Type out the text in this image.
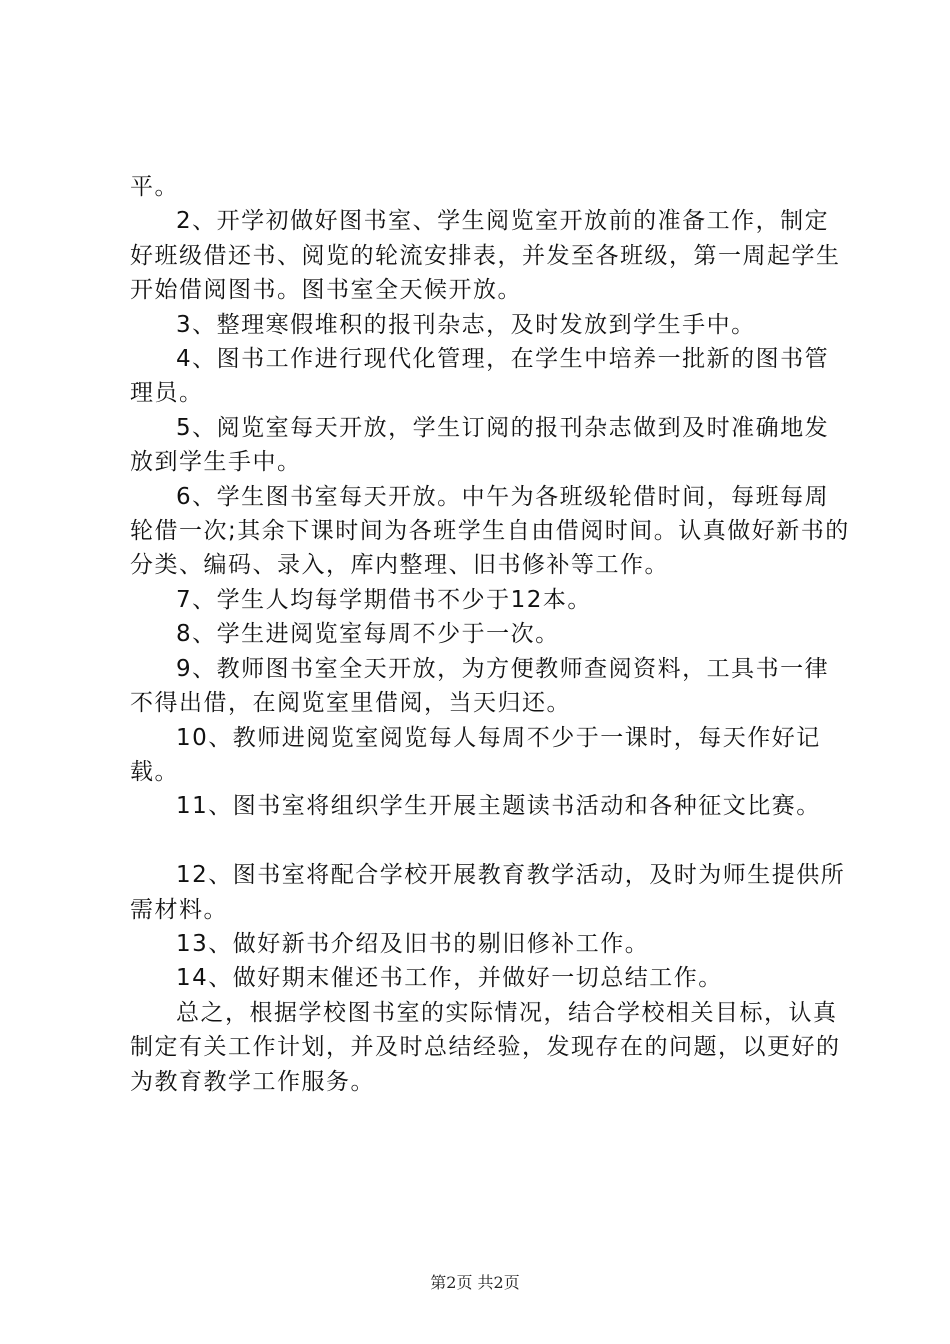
平。

2、开学初做好图书室、学生阅览室开放前的准备工作，制定好班级借还书、阅览的轮流安排表，并发至各班级，第一周起学生开始借阅图书。图书室全天候开放。

3、整理寒假堆积的报刊杂志，及时发放到学生手中。

4、图书工作进行现代化管理，在学生中培养一批新的图书管理员。

5、阅览室每天开放，学生订阅的报刊杂志做到及时准确地发放到学生手中。

6、学生图书室每天开放。中午为各班级轮借时间，每班每周轮借一次;其余下课时间为各班学生自由借阅时间。认真做好新书的分类、编码、录入，库内整理、旧书修补等工作。

7、学生人均每学期借书不少于12本。

8、学生进阅览室每周不少于一次。

9、教师图书室全天开放，为方便教师查阅资料，工具书一律不得出借，在阅览室里借阅，当天归还。

10、教师进阅览室阅览每人每周不少于一课时，每天作好记载。

11、图书室将组织学生开展主题读书活动和各种征文比赛。

12、图书室将配合学校开展教育教学活动，及时为师生提供所需材料。

13、做好新书介绍及旧书的剔旧修补工作。

14、做好期末催还书工作，并做好一切总结工作。

总之，根据学校图书室的实际情况，结合学校相关目标，认真制定有关工作计划，并及时总结经验，发现存在的问题，以更好的为教育教学工作服务。

第2页 共2页
